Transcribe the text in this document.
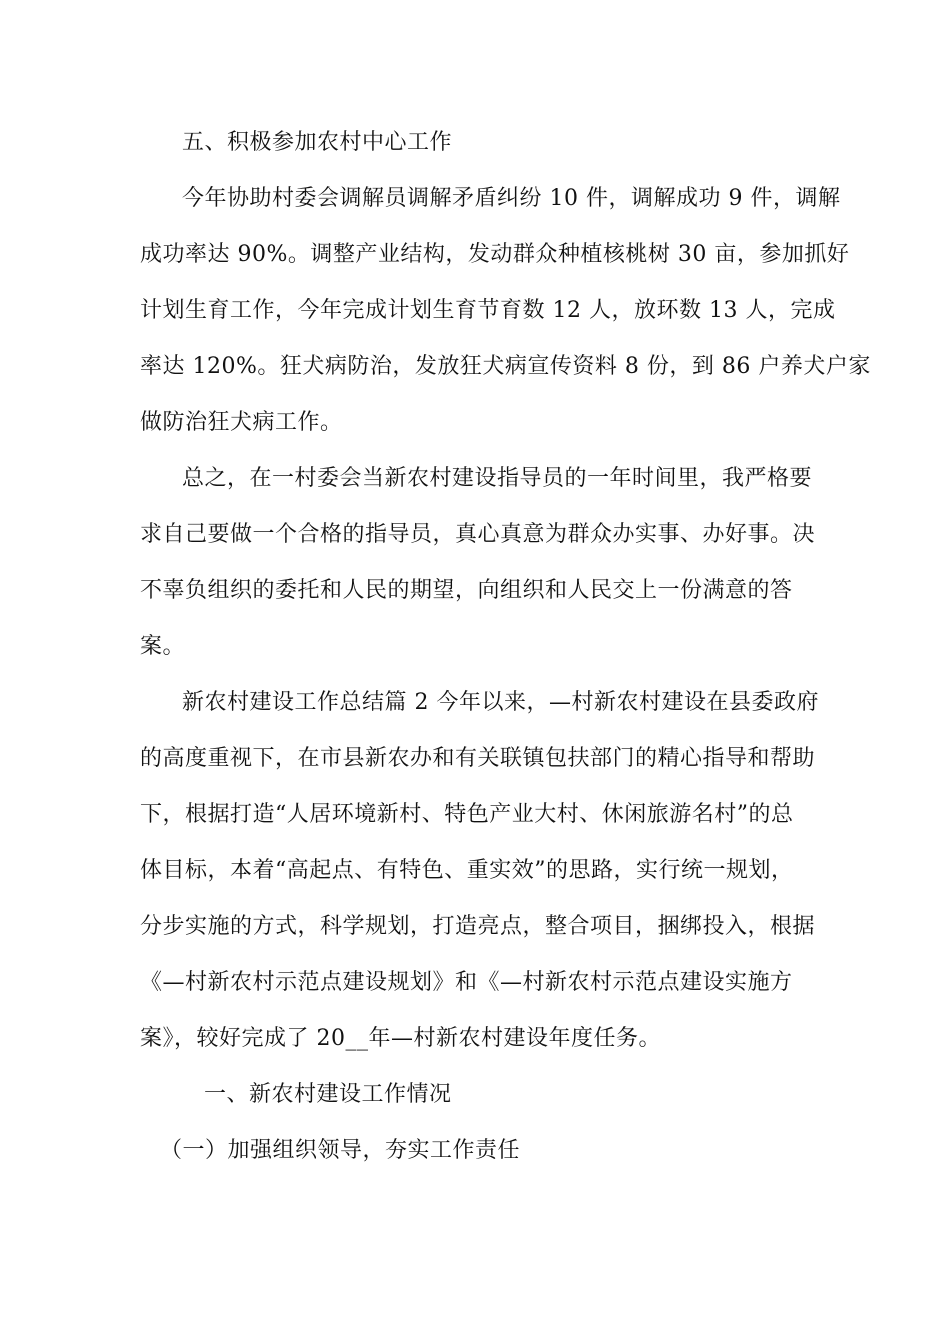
五、积极参加农村中心工作
今年协助村委会调解员调解矛盾纠纷 10 件，调解成功 9 件，调解
成功率达 90%。调整产业结构，发动群众种植核桃树 30 亩，参加抓好
计划生育工作，今年完成计划生育节育数 12 人，放环数 13 人，完成
率达 120%。狂犬病防治，发放狂犬病宣传资料 8 份，到 86 户养犬户家
做防治狂犬病工作。
总之，在一村委会当新农村建设指导员的一年时间里，我严格要
求自己要做一个合格的指导员，真心真意为群众办实事、办好事。决
不辜负组织的委托和人民的期望，向组织和人民交上一份满意的答
案。
新农村建设工作总结篇 2 今年以来，—村新农村建设在县委政府
的高度重视下，在市县新农办和有关联镇包扶部门的精心指导和帮助
下，根据打造“人居环境新村、特色产业大村、休闲旅游名村”的总
体目标，本着“高起点、有特色、重实效”的思路，实行统一规划，
分步实施的方式，科学规划，打造亮点，整合项目，捆绑投入，根据
《—村新农村示范点建设规划》和《—村新农村示范点建设实施方
案》，较好完成了 20__年—村新农村建设年度任务。
一、新农村建设工作情况
（一）加强组织领导，夯实工作责任
